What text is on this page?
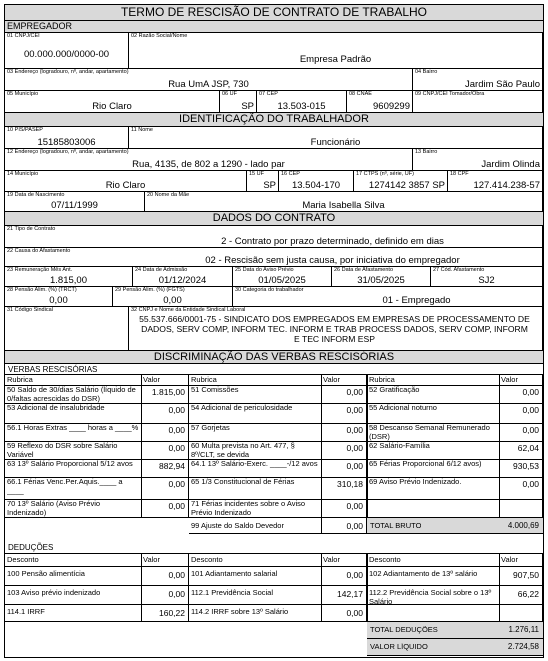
TERMO DE RESCISÃO DE CONTRATO DE TRABALHO
EMPREGADOR
01 CNPJ/CEI
00.000.000/0000-00
02 Razão Social/Nome
Empresa Padrão
03 Endereço (logradouro, nº, andar, apartamento)
Rua UmA JSP, 730
04 Bairro
Jardim São Paulo
05 Município
Rio Claro
06 UF
SP
07 CEP
13.503-015
08 CNAE
9609299
09 CNPJ/CEI Tomador/Obra
IDENTIFICAÇÃO DO TRABALHADOR
10 PIS/PASEP
15185803006
11 Nome
Funcionário
12 Endereço (logradouro, nº, andar, apartamento)
Rua, 4135, de 802 a 1290 - lado par
13 Bairro
Jardim Olinda
14 Município
Rio Claro
15 UF
SP
16 CEP
13.504-170
17 CTPS (nº, série, UF)
1274142 3857 SP
18 CPF
127.414.238-57
19 Data de Nascimento
07/11/1999
20 Nome da Mãe
Maria Isabella Silva
DADOS DO CONTRATO
21 Tipo de Contrato
2 - Contrato por prazo determinado, definido em dias
22 Causa do Afastamento
02 - Rescisão sem justa causa, por iniciativa do empregador
23 Remuneração Mês Ant.
1.815,00
24 Data de Admissão
01/12/2024
25 Data do Aviso Prévio
01/05/2025
26 Data de Afastamento
31/05/2025
27 Cód. Afastamento
SJ2
28 Pensão Alim. (%) (TRCT)
0,00
29 Pensão Alim. (%) (FGTS)
0,00
30 Categoria do trabalhador
01 - Empregado
31 Código Sindical	32 CNPJ e Nome da Entidade Sindical Laboral
55.537.666/0001-75 - SINDICATO DOS EMPREGADOS EM EMPRESAS DE PROCESSAMENTO DE
DADOS, SERV COMP, INFORM TEC. INFORM E TRAB PROCESS DADOS, SERV COMP, INFORM
E TEC INFORM ESP
DISCRIMINAÇÃO DAS VERBAS RESCISÓRIAS
VERBAS RESCISÓRIAS
Rubrica	Valor	Rubrica	Valor	Rubrica	Valor
50 Saldo de 30/dias Salário (líquido de 0/faltas acrescidas do DSR)
1.815,00
53 Adicional de insalubridade	0,00
56.1 Horas Extras ____ horas a ____%	0,00
59 Reflexo do DSR sobre Salário Variável
0,00
63 13º Salário Proporcional 5/12 avos	882,94
66.1 Férias Venc.Per.Aquis.____ a ____
0,00
70 13º Salário (Aviso Prévio Indenizado)
0,00
51 Comissões	0,00
54 Adicional de periculosidade	0,00
57 Gorjetas	0,00
60 Multa prevista no Art. 477, § 8º/CLT, se devida
0,00
64.1 13º Salário-Exerc. ____-/12 avos	0,00
65 1/3 Constitucional de Férias	310,18
71 Férias incidentes sobre o Aviso Prévio Indenizado
0,00
99 Ajuste do Saldo Devedor	0,00
52 Gratificação	0,00
55 Adicional noturno	0,00
58 Descanso Semanal Remunerado (DSR)
0,00
62 Salário-Família	62,04
65 Férias Proporcional 6/12 avos)	930,53
69 Aviso Prévio Indenizado.	0,00
TOTAL BRUTO	4.000,69
Desconto	Valor	Desconto	Valor	Desconto	Valor
100 Pensão alimentícia	0,00
103 Aviso prévio indenizado	0,00
114.1 IRRF	160,22
101 Adiantamento salarial	0,00
112.1 Previdência Social	142,17
114.2 IRRF sobre 13º Salário	0,00
102 Adiantamento de 13º salário	907,50
112.2 Previdência Social sobre o 13º Salário
66,22
TOTAL DEDUÇÕES	1.276,11
VALOR LÍQUIDO	2.724,58
DEDUÇÕES
